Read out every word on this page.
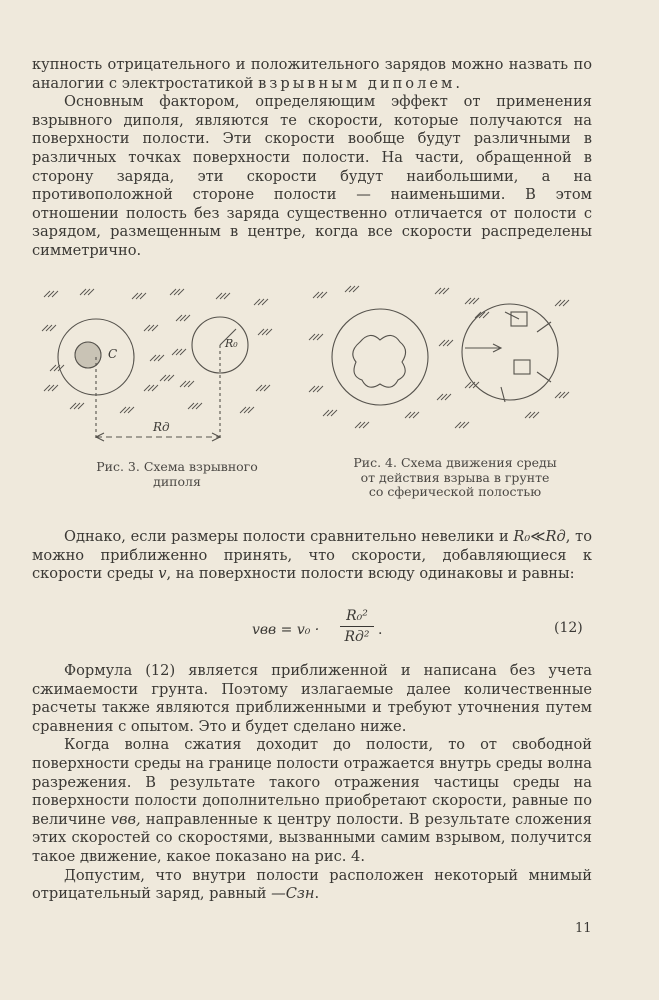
купность отрицательного и положительного зарядов можно назвать по аналогии с электростатикой взрывным диполем.

Основным фактором, определяющим эффект от применения взрывного диполя, являются те скорости, которые получаются на поверхности полости. Эти скорости вообще будут различными в различных точках поверхности полости. На части, обращенной в сторону заряда, эти скорости будут наибольшими, а на противоположной стороне полости — наименьшими. В этом отношении полость без заряда существенно отличается от полости с зарядом, размещенным в центре, когда все скорости распределены симметрично.

C
R₀
Rд
Рис. 3. Схема взрывного
диполя
Рис. 4. Схема движения среды
от действия взрыва в грунте
со сферической полостью

Однако, если размеры полости сравнительно невелики и R₀≪Rд, то можно приближенно принять, что скорости, добавляющиеся к скорости среды v, на поверхности полости всюду одинаковы и равны:

vвв = v₀ ·
R₀²
Rд² .	(12)

Формула (12) является приближенной и написана без учета сжимаемости грунта. Поэтому излагаемые далее количественные расчеты также являются приближенными и требуют уточнения путем сравнения с опытом. Это и будет сделано ниже.

Когда волна сжатия доходит до полости, то от свободной поверхности среды на границе полости отражается внутрь среды волна разрежения. В результате такого отражения частицы среды на поверхности полости дополнительно приобретают скорости, равные по величине vвв, направленные к центру полости. В результате сложения этих скоростей со скоростями, вызванными самим взрывом, получится такое движение, какое показано на рис. 4.

Допустим, что внутри полости расположен некоторый мнимый отрицательный заряд, равный —Cзн.

11
